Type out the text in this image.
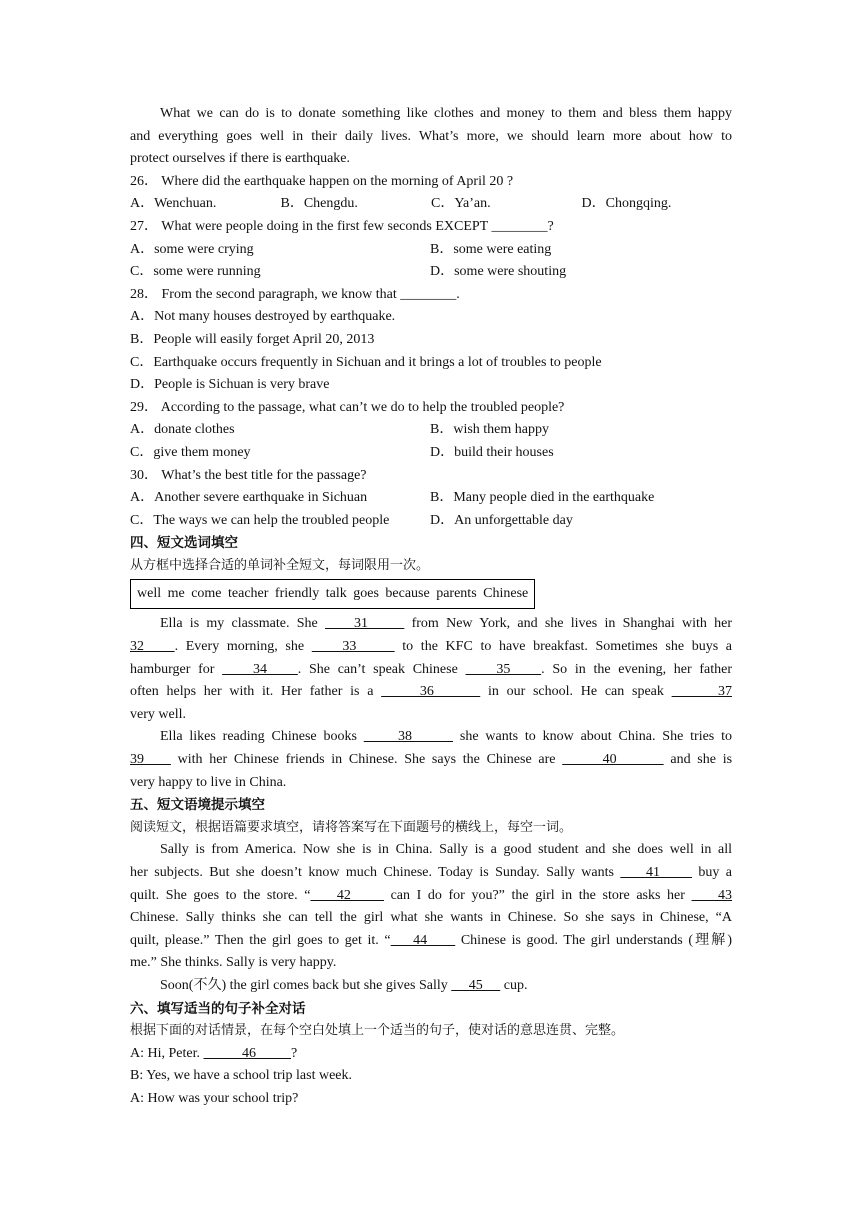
What we can do is to donate something like clothes and money to them and bless them happy
and everything goes well in their daily lives. What’s more, we should learn more about how to
protect ourselves if there is earthquake.
26． Where did the earthquake happen on the morning of April 20 ?
A．Wenchuan.	B．Chengdu.	C．Ya’an.	D．Chongqing.
27． What were people doing in the first few seconds EXCEPT ________?
A．some were crying	B．some were eating
C．some were running	D．some were shouting
28． From the second paragraph, we know that ________.
A．Not many houses destroyed by earthquake.
B．People will easily forget April 20, 2013
C．Earthquake occurs frequently in Sichuan and it brings a lot of troubles to people
D．People is Sichuan is very brave
29． According to the passage, what can’t we do to help the troubled people?
A．donate clothes	B．wish them happy
C．give them money	D．build their houses
30． What’s the best title for the passage?
A．Another severe earthquake in Sichuan	B．Many people died in the earthquake
C．The ways we can help the troubled people	D．An unforgettable day
四、短文选词填空
从方框中选择合适的单词补全短文，每词限用一次。
well me come teacher friendly talk goes because parents Chinese
Ella is my classmate. She     31      from New York, and she lives in Shanghai with her
32    . Every morning, she     33      to the KFC to have breakfast. Sometimes she buys a
hamburger for     34    . She can’t speak Chinese     35    . So in the evening, her father
often helps her with it. Her father is a      36       in our school. He can speak       37
very well.
Ella likes reading Chinese books      38       she wants to know about China. She tries to
39     with her Chinese friends in Chinese. She says the Chinese are       40        and she is
very happy to live in China.
五、短文语境提示填空
阅读短文，根据语篇要求填空，请将答案写在下面题号的横线上，每空一词。
Sally is from America. Now she is in China. Sally is a good student and she does well in all
her subjects. But she doesn’t know much Chinese. Today is Sunday. Sally wants     41      buy a
quilt. She goes to the store. “    42      can I do for you?” the girl in the store asks her     43
Chinese. Sally thinks she can tell the girl what she wants in Chinese. So she says in Chinese, “A
quilt, please.” Then the girl goes to get it. “    44      Chinese is good. The girl understands (理解)
me.” She thinks. Sally is very happy.
Soon(不久) the girl comes back but she gives Sally      45      cup.
六、填写适当的句子补全对话
根据下面的对话情景，在每个空白处填上一个适当的句子，使对话的意思连贯、完整。
A: Hi, Peter.            46          ?
B: Yes, we have a school trip last week.
A: How was your school trip?
